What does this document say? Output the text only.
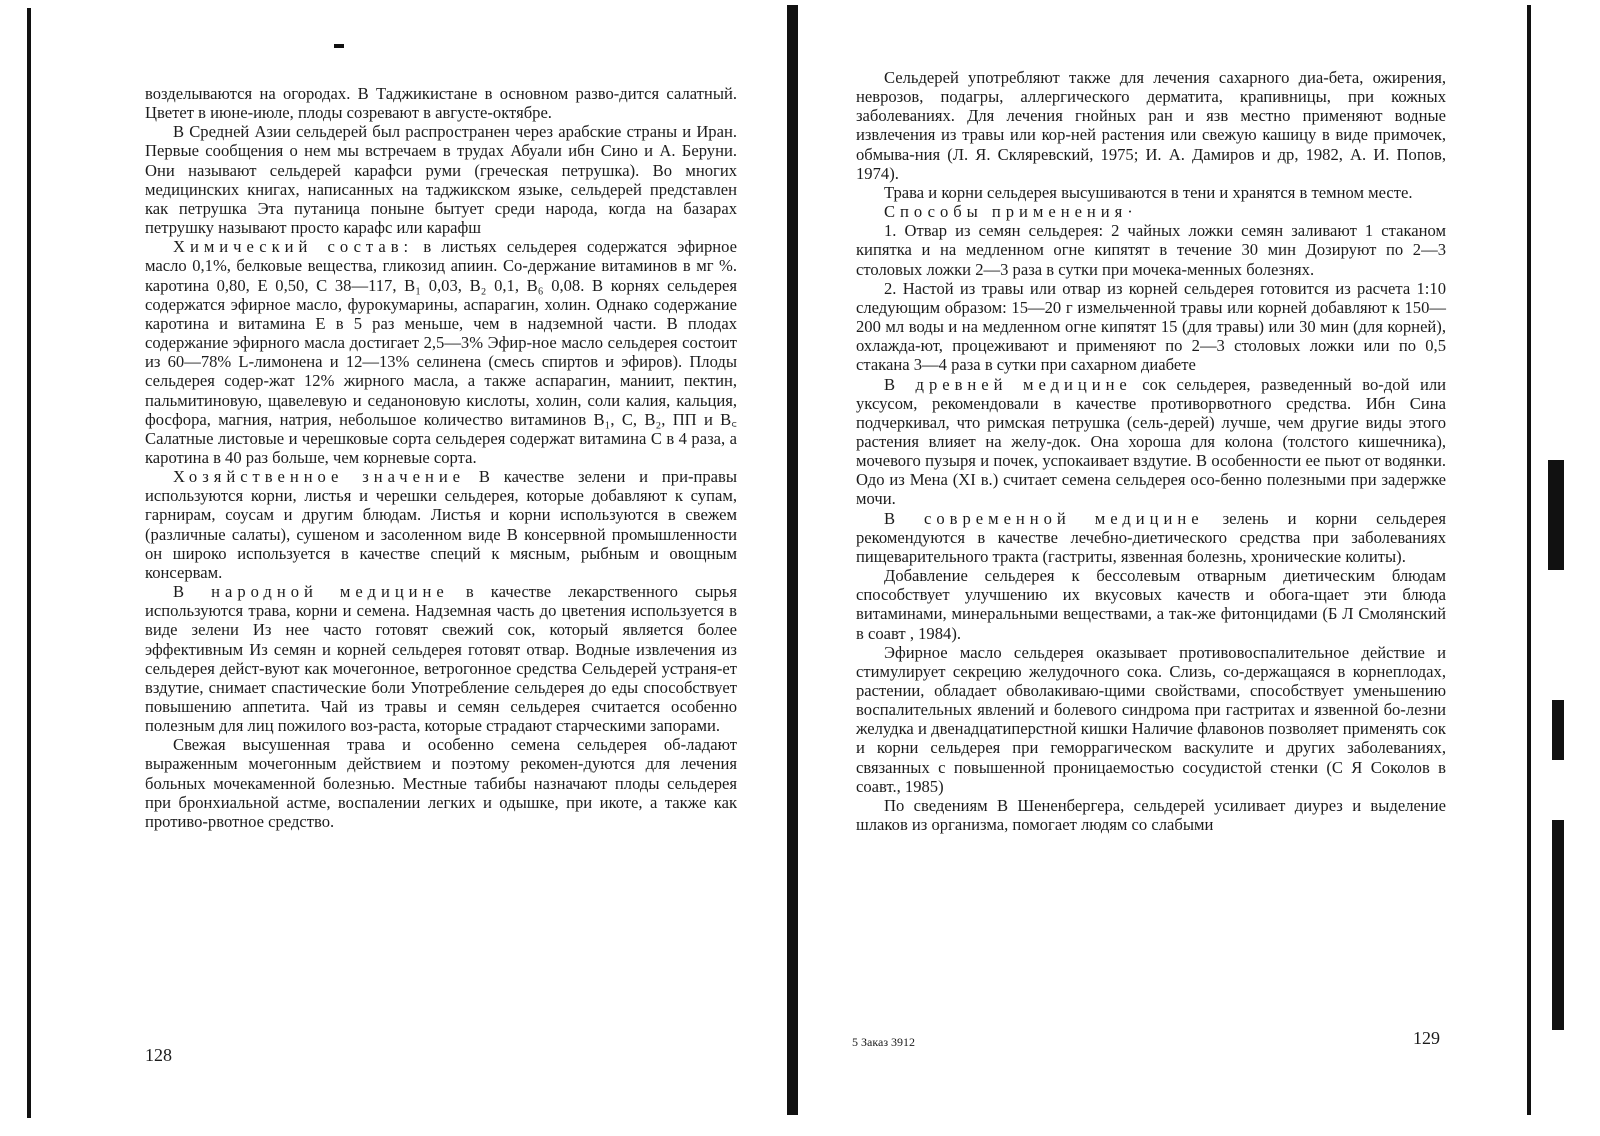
возделываются на огородах. В Таджикистане в основном разво-дится салатный. Цветет в июне-июле, плоды созревают в августе-октябре.

В Средней Азии сельдерей был распространен через арабские страны и Иран. Первые сообщения о нем мы встречаем в трудах Абуали ибн Сино и А. Беруни. Они называют сельдерей карафси руми (греческая петрушка). Во многих медицинских книгах, написанных на таджикском языке, сельдерей представлен как петрушка Эта путаница поныне бытует среди народа, когда на базарах петрушку называют просто карафс или карафш

Химический состав: в листьях сельдерея содержатся эфирное масло 0,1%, белковые вещества, гликозид апиин. Со-держание витаминов в мг %. каротина 0,80, Е 0,50, С 38—117, В₁ 0,03, В₂ 0,1, В₆ 0,08. В корнях сельдерея содержатся эфирное масло, фурокумарины, аспарагин, холин. Однако содержание каротина и витамина Е в 5 раз меньше, чем в надземной части. В плодах содержание эфирного масла достигает 2,5—3% Эфир-ное масло сельдерея состоит из 60—78% L-лимонена и 12—13% селинена (смесь спиртов и эфиров). Плоды сельдерея содер-жат 12% жирного масла, а также аспарагин, маниит, пектин, пальмитиновую, щавелевую и седаноновую кислоты, холин, соли калия, кальция, фосфора, магния, натрия, небольшое количество витаминов В₁, С, В₂, ПП и В꜀ Салатные листовые и черешковые сорта сельдерея содержат витамина С в 4 раза, а каротина в 40 раз больше, чем корневые сорта.

Хозяйственное значение В качестве зелени и при-правы используются корни, листья и черешки сельдерея, которые добавляют к супам, гарнирам, соусам и другим блюдам. Листья и корни используются в свежем (различные салаты), сушеном и засоленном виде В консервной промышленности он широко используется в качестве специй к мясным, рыбным и овощным консервам.

В народной медицине в качестве лекарственного сырья используются трава, корни и семена. Надземная часть до цветения используется в виде зелени Из нее часто готовят свежий сок, который является более эффективным Из семян и корней сельдерея готовят отвар. Водные извлечения из сельдерея дейст-вуют как мочегонное, ветрогонное средства Сельдерей устраня-ет вздутие, снимает спастические боли Употребление сельдерея до еды способствует повышению аппетита. Чай из травы и семян сельдерея считается особенно полезным для лиц пожилого воз-раста, которые страдают старческими запорами.

Свежая высушенная трава и особенно семена сельдерея об-ладают выраженным мочегонным действием и поэтому рекомен-дуются для лечения больных мочекаменной болезнью. Местные табибы назначают плоды сельдерея при бронхиальной астме, воспалении легких и одышке, при икоте, а также как противо-рвотное средство.

128

Сельдерей употребляют также для лечения сахарного диа-бета, ожирения, неврозов, подагры, аллергического дерматита, крапивницы, при кожных заболеваниях. Для лечения гнойных ран и язв местно применяют водные извлечения из травы или кор-ней растения или свежую кашицу в виде примочек, обмыва-ния (Л. Я. Скляревский, 1975; И. А. Дамиров и др, 1982, А. И. Попов, 1974).

Трава и корни сельдерея высушиваются в тени и хранятся в темном месте.

Способы применения·

1. Отвар из семян сельдерея: 2 чайных ложки семян заливают 1 стаканом кипятка и на медленном огне кипятят в течение 30 мин Дозируют по 2—3 столовых ложки 2—3 раза в сутки при мочека-менных болезнях.

2. Настой из травы или отвар из корней сельдерея готовится из расчета 1:10 следующим образом: 15—20 г измельченной травы или корней добавляют к 150—200 мл воды и на медленном огне кипятят 15 (для травы) или 30 мин (для корней), охлажда-ют, процеживают и применяют по 2—3 столовых ложки или по 0,5 стакана 3—4 раза в сутки при сахарном диабете

В древней медицине сок сельдерея, разведенный во-дой или уксусом, рекомендовали в качестве противорвотного средства. Ибн Сина подчеркивал, что римская петрушка (сель-дерей) лучше, чем другие виды этого растения влияет на желу-док. Она хороша для колона (толстого кишечника), мочевого пузыря и почек, успокаивает вздутие. В особенности ее пьют от водянки. Одо из Мена (XI в.) считает семена сельдерея осо-бенно полезными при задержке мочи.

В современной медицине зелень и корни сельдерея рекомендуются в качестве лечебно-диетического средства при заболеваниях пищеварительного тракта (гастриты, язвенная болезнь, хронические колиты).

Добавление сельдерея к бессолевым отварным диетическим блюдам способствует улучшению их вкусовых качеств и обога-щает эти блюда витаминами, минеральными веществами, а так-же фитонцидами (Б Л Смолянский в соавт , 1984).

Эфирное масло сельдерея оказывает противовоспалительное действие и стимулирует секрецию желудочного сока. Слизь, со-держащаяся в корнеплодах, растении, обладает обволакиваю-щими свойствами, способствует уменьшению воспалительных явлений и болевого синдрома при гастритах и язвенной бо-лезни желудка и двенадцатиперстной кишки Наличие флавонов позволяет применять сок и корни сельдерея при геморрагическом васкулите и других заболеваниях, связанных с повышенной проницаемостью сосудистой стенки (С Я Соколов в соавт., 1985)

По сведениям В Шененбергера, сельдерей усиливает диурез и выделение шлаков из организма, помогает людям со слабыми

5 Заказ 3912	129
